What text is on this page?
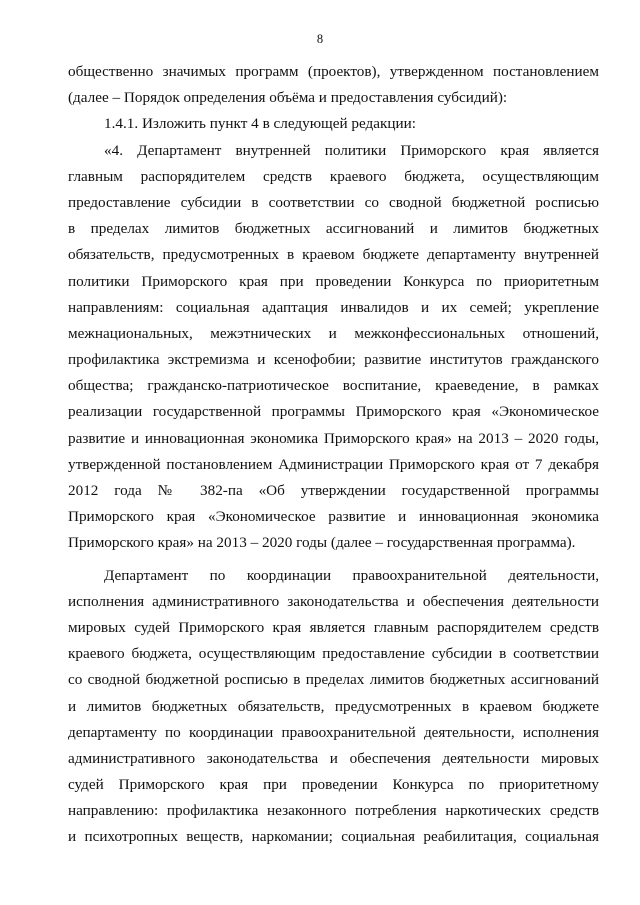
8
общественно значимых программ (проектов), утвержденном постановлением
(далее – Порядок определения объёма и предоставления субсидий):
1.4.1. Изложить пункт 4 в следующей редакции:
«4. Департамент внутренней политики Приморского края является
главным распорядителем средств краевого бюджета, осуществляющим
предоставление субсидии в соответствии со сводной бюджетной росписью
в пределах лимитов бюджетных ассигнований и лимитов бюджетных
обязательств, предусмотренных в краевом бюджете департаменту внутренней
политики Приморского края при проведении Конкурса по приоритетным
направлениям: социальная адаптация инвалидов и их семей; укрепление
межнациональных, межэтнических и межконфессиональных отношений,
профилактика экстремизма и ксенофобии; развитие институтов гражданского
общества; гражданско-патриотическое воспитание, краеведение, в рамках
реализации государственной программы Приморского края «Экономическое
развитие и инновационная экономика Приморского края» на 2013 – 2020 годы,
утвержденной постановлением Администрации Приморского края от 7 декабря
2012 года № 382-па «Об утверждении государственной программы
Приморского края «Экономическое развитие и инновационная экономика
Приморского края» на 2013 – 2020 годы (далее – государственная программа).
Департамент по координации правоохранительной деятельности,
исполнения административного законодательства и обеспечения деятельности
мировых судей Приморского края является главным распорядителем средств
краевого бюджета, осуществляющим предоставление субсидии в соответствии
со сводной бюджетной росписью в пределах лимитов бюджетных ассигнований
и лимитов бюджетных обязательств, предусмотренных в краевом бюджете
департаменту по координации правоохранительной деятельности, исполнения
административного законодательства и обеспечения деятельности мировых
судей Приморского края при проведении Конкурса по приоритетному
направлению: профилактика незаконного потребления наркотических средств
и психотропных веществ, наркомании; социальная реабилитация, социальная
